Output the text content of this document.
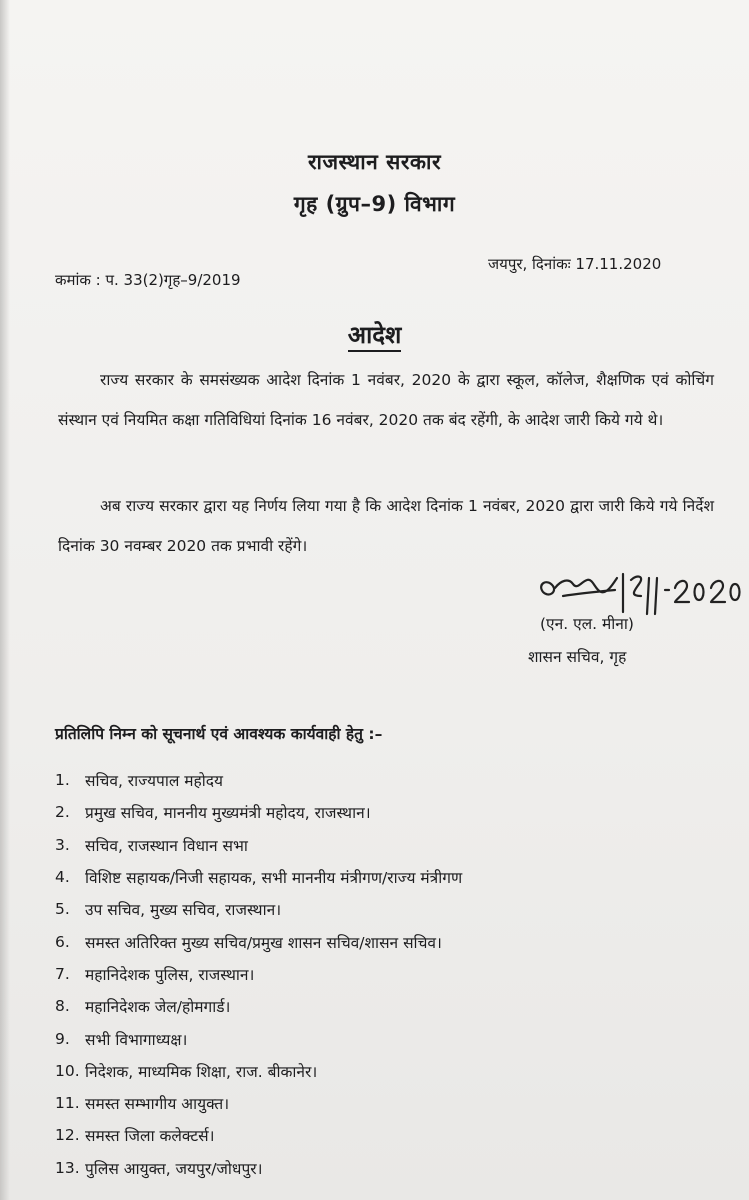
राजस्थान सरकार
गृह (ग्रुप–9) विभाग
कमांक : प. 33(2)गृह–9/2019
जयपुर, दिनांकः 17.11.2020
आदेश
राज्य सरकार के समसंख्यक आदेश दिनांक 1 नवंबर, 2020 के द्वारा स्कूल, कॉलेज, शैक्षणिक एवं कोचिंग संस्थान एवं नियमित कक्षा गतिविधियां दिनांक 16 नवंबर, 2020 तक बंद रहेंगी, के आदेश जारी किये गये थे।
अब राज्य सरकार द्वारा यह निर्णय लिया गया है कि आदेश दिनांक 1 नवंबर, 2020 द्वारा जारी किये गये निर्देश दिनांक 30 नवम्बर 2020 तक प्रभावी रहेंगे।
(एन. एल. मीना)
शासन सचिव, गृह
प्रतिलिपि निम्न को सूचनार्थ एवं आवश्यक कार्यवाही हेतु :–
1. सचिव, राज्यपाल महोदय
2. प्रमुख सचिव, माननीय मुख्यमंत्री महोदय, राजस्थान।
3. सचिव, राजस्थान विधान सभा
4. विशिष्ट सहायक/निजी सहायक, सभी माननीय मंत्रीगण/राज्य मंत्रीगण
5. उप सचिव, मुख्य सचिव, राजस्थान।
6. समस्त अतिरिक्त मुख्य सचिव/प्रमुख शासन सचिव/शासन सचिव।
7. महानिदेशक पुलिस, राजस्थान।
8. महानिदेशक जेल/होमगार्ड।
9. सभी विभागाध्यक्ष।
10. निदेशक, माध्यमिक शिक्षा, राज. बीकानेर।
11. समस्त सम्भागीय आयुक्त।
12. समस्त जिला कलेक्टर्स।
13. पुलिस आयुक्त, जयपुर/जोधपुर।
